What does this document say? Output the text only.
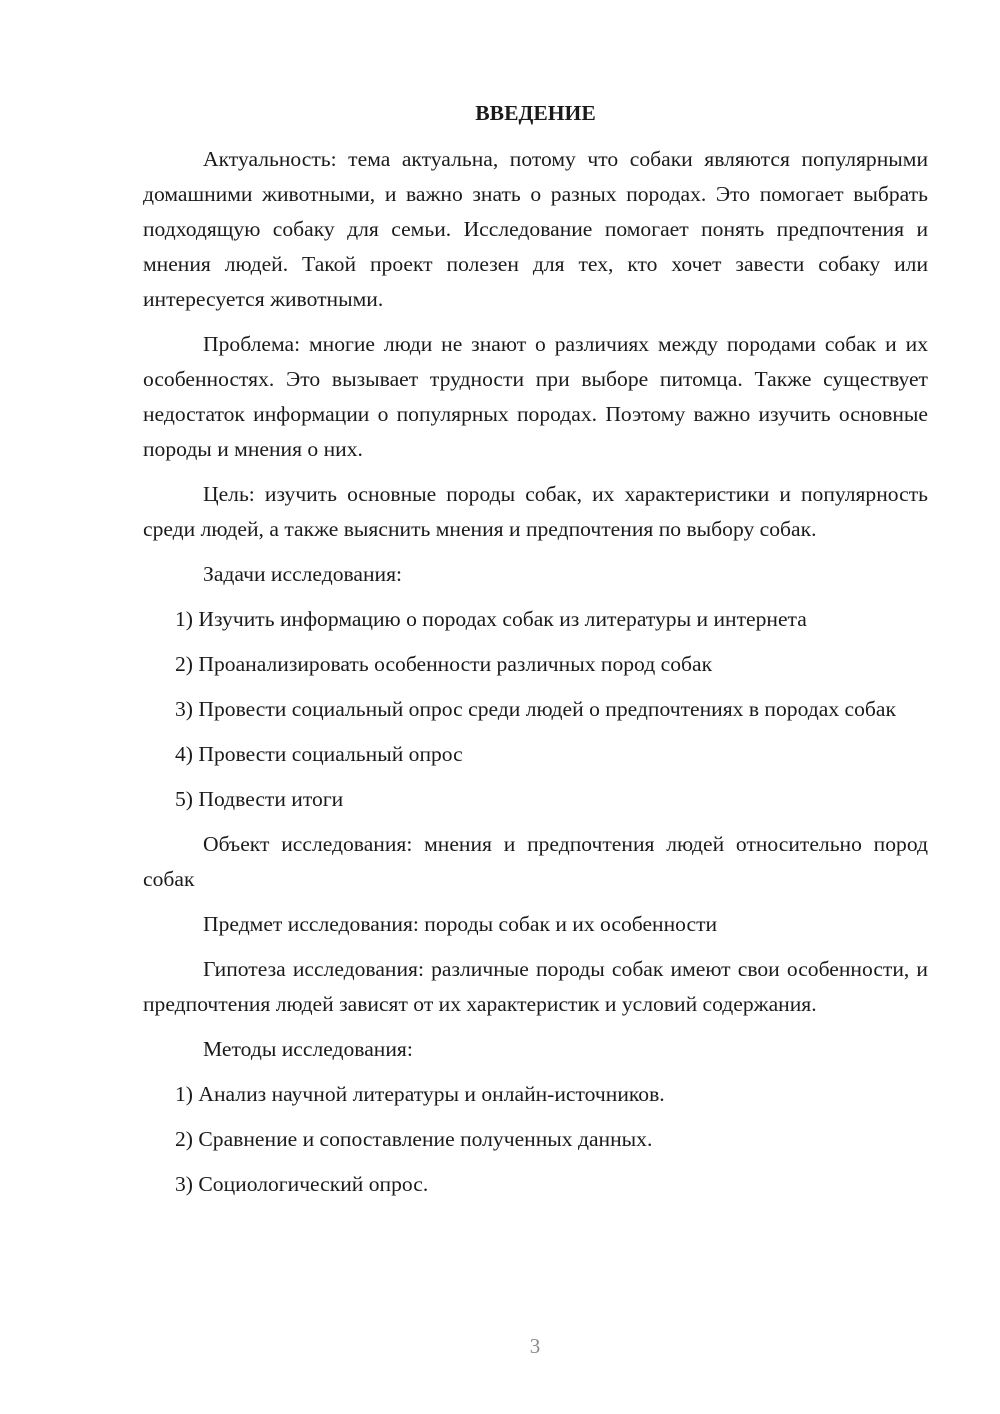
ВВЕДЕНИЕ

Актуальность: тема актуальна, потому что собаки являются популярными домашними животными, и важно знать о разных породах. Это помогает выбрать подходящую собаку для семьи. Исследование помогает понять предпочтения и мнения людей. Такой проект полезен для тех, кто хочет завести собаку или интересуется животными.

Проблема: многие люди не знают о различиях между породами собак и их особенностях. Это вызывает трудности при выборе питомца. Также существует недостаток информации о популярных породах. Поэтому важно изучить основные породы и мнения о них.

Цель: изучить основные породы собак, их характеристики и популярность среди людей, а также выяснить мнения и предпочтения по выбору собак.

Задачи исследования:

1) Изучить информацию о породах собак из литературы и интернета

2) Проанализировать особенности различных пород собак

3) Провести социальный опрос среди людей о предпочтениях в породах собак

4) Провести социальный опрос

5) Подвести итоги

Объект исследования: мнения и предпочтения людей относительно пород собак

Предмет исследования: породы собак и их особенности

Гипотеза исследования: различные породы собак имеют свои особенности, и предпочтения людей зависят от их характеристик и условий содержания.

Методы исследования:

1) Анализ научной литературы и онлайн-источников.

2) Сравнение и сопоставление полученных данных.

3) Социологический опрос.

3
